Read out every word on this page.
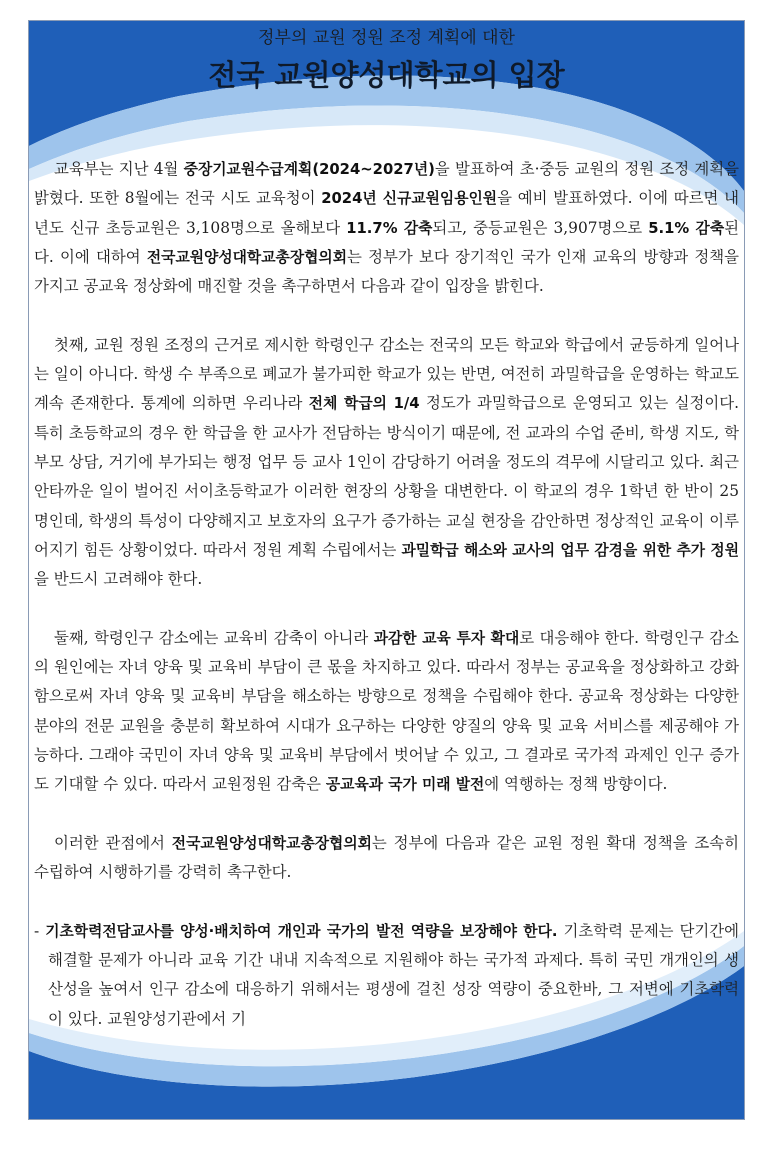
정부의 교원 정원 조정 계획에 대한
전국 교원양성대학교의 입장

교육부는 지난 4월 중장기교원수급계획(2024~2027년)을 발표하여 초·중등 교원의 정원 조정 계획을 밝혔다. 또한 8월에는 전국 시도 교육청이 2024년 신규교원임용인원을 예비 발표하였다. 이에 따르면 내년도 신규 초등교원은 3,108명으로 올해보다 11.7% 감축되고, 중등교원은 3,907명으로 5.1% 감축된다. 이에 대하여 전국교원양성대학교총장협의회는 정부가 보다 장기적인 국가 인재 교육의 방향과 정책을 가지고 공교육 정상화에 매진할 것을 촉구하면서 다음과 같이 입장을 밝힌다.

첫째, 교원 정원 조정의 근거로 제시한 학령인구 감소는 전국의 모든 학교와 학급에서 균등하게 일어나는 일이 아니다. 학생 수 부족으로 폐교가 불가피한 학교가 있는 반면, 여전히 과밀학급을 운영하는 학교도 계속 존재한다. 통계에 의하면 우리나라 전체 학급의 1/4 정도가 과밀학급으로 운영되고 있는 실정이다. 특히 초등학교의 경우 한 학급을 한 교사가 전담하는 방식이기 때문에, 전 교과의 수업 준비, 학생 지도, 학부모 상담, 거기에 부가되는 행정 업무 등 교사 1인이 감당하기 어려울 정도의 격무에 시달리고 있다. 최근 안타까운 일이 벌어진 서이초등학교가 이러한 현장의 상황을 대변한다. 이 학교의 경우 1학년 한 반이 25명인데, 학생의 특성이 다양해지고 보호자의 요구가 증가하는 교실 현장을 감안하면 정상적인 교육이 이루어지기 힘든 상황이었다. 따라서 정원 계획 수립에서는 과밀학급 해소와 교사의 업무 감경을 위한 추가 정원을 반드시 고려해야 한다.

둘째, 학령인구 감소에는 교육비 감축이 아니라 과감한 교육 투자 확대로 대응해야 한다. 학령인구 감소의 원인에는 자녀 양육 및 교육비 부담이 큰 몫을 차지하고 있다. 따라서 정부는 공교육을 정상화하고 강화함으로써 자녀 양육 및 교육비 부담을 해소하는 방향으로 정책을 수립해야 한다. 공교육 정상화는 다양한 분야의 전문 교원을 충분히 확보하여 시대가 요구하는 다양한 양질의 양육 및 교육 서비스를 제공해야 가능하다. 그래야 국민이 자녀 양육 및 교육비 부담에서 벗어날 수 있고, 그 결과로 국가적 과제인 인구 증가도 기대할 수 있다. 따라서 교원정원 감축은 공교육과 국가 미래 발전에 역행하는 정책 방향이다.

이러한 관점에서 전국교원양성대학교총장협의회는 정부에 다음과 같은 교원 정원 확대 정책을 조속히 수립하여 시행하기를 강력히 촉구한다.

- 기초학력전담교사를 양성·배치하여 개인과 국가의 발전 역량을 보장해야 한다. 기초학력 문제는 단기간에 해결할 문제가 아니라 교육 기간 내내 지속적으로 지원해야 하는 국가적 과제다. 특히 국민 개개인의 생산성을 높여서 인구 감소에 대응하기 위해서는 평생에 걸친 성장 역량이 중요한바, 그 저변에 기초학력이 있다. 교원양성기관에서 기
